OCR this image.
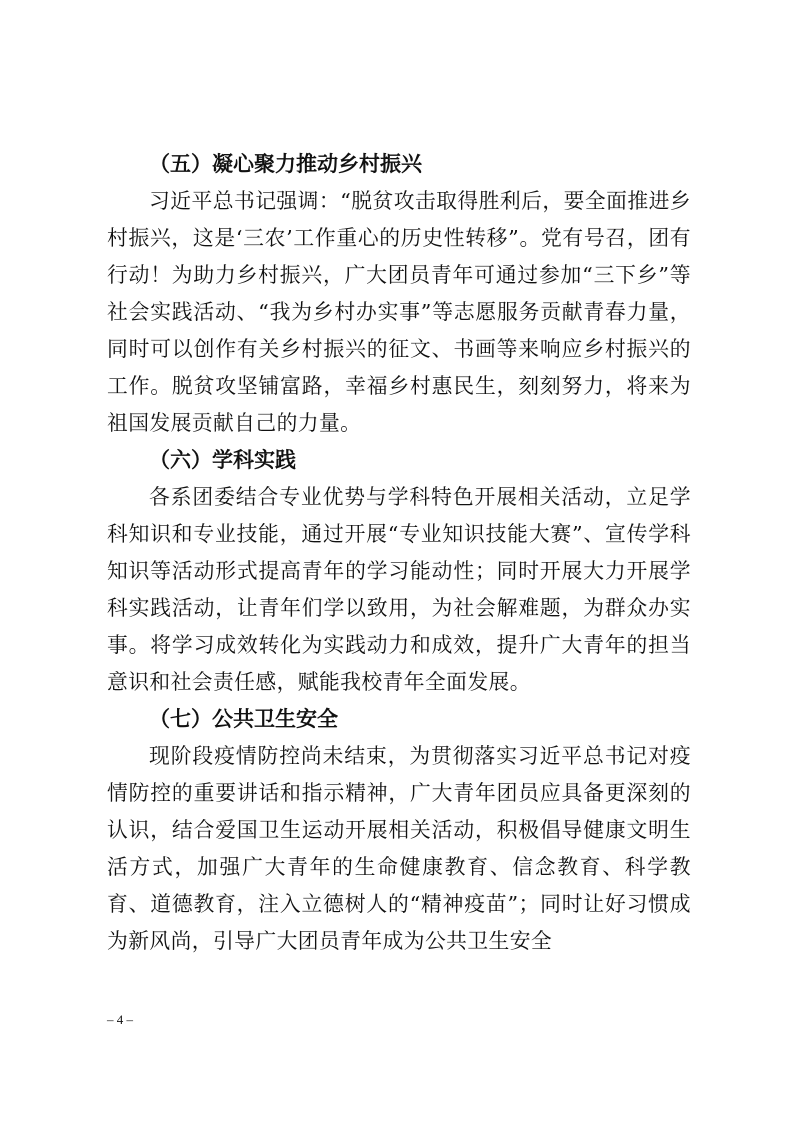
（五）凝心聚力推动乡村振兴

习近平总书记强调：“脱贫攻击取得胜利后，要全面推进乡村振兴，这是‘三农’工作重心的历史性转移”。党有号召，团有行动！为助力乡村振兴，广大团员青年可通过参加“三下乡”等社会实践活动、“我为乡村办实事”等志愿服务贡献青春力量，同时可以创作有关乡村振兴的征文、书画等来响应乡村振兴的工作。脱贫攻坚铺富路，幸福乡村惠民生，刻刻努力，将来为祖国发展贡献自己的力量。

（六）学科实践

各系团委结合专业优势与学科特色开展相关活动，立足学科知识和专业技能，通过开展“专业知识技能大赛”、宣传学科知识等活动形式提高青年的学习能动性；同时开展大力开展学科实践活动，让青年们学以致用，为社会解难题，为群众办实事。将学习成效转化为实践动力和成效，提升广大青年的担当意识和社会责任感，赋能我校青年全面发展。

（七）公共卫生安全

现阶段疫情防控尚未结束，为贯彻落实习近平总书记对疫情防控的重要讲话和指示精神，广大青年团员应具备更深刻的认识，结合爱国卫生运动开展相关活动，积极倡导健康文明生活方式，加强广大青年的生命健康教育、信念教育、科学教育、道德教育，注入立德树人的“精神疫苗”；同时让好习惯成为新风尚，引导广大团员青年成为公共卫生安全

– 4 –
